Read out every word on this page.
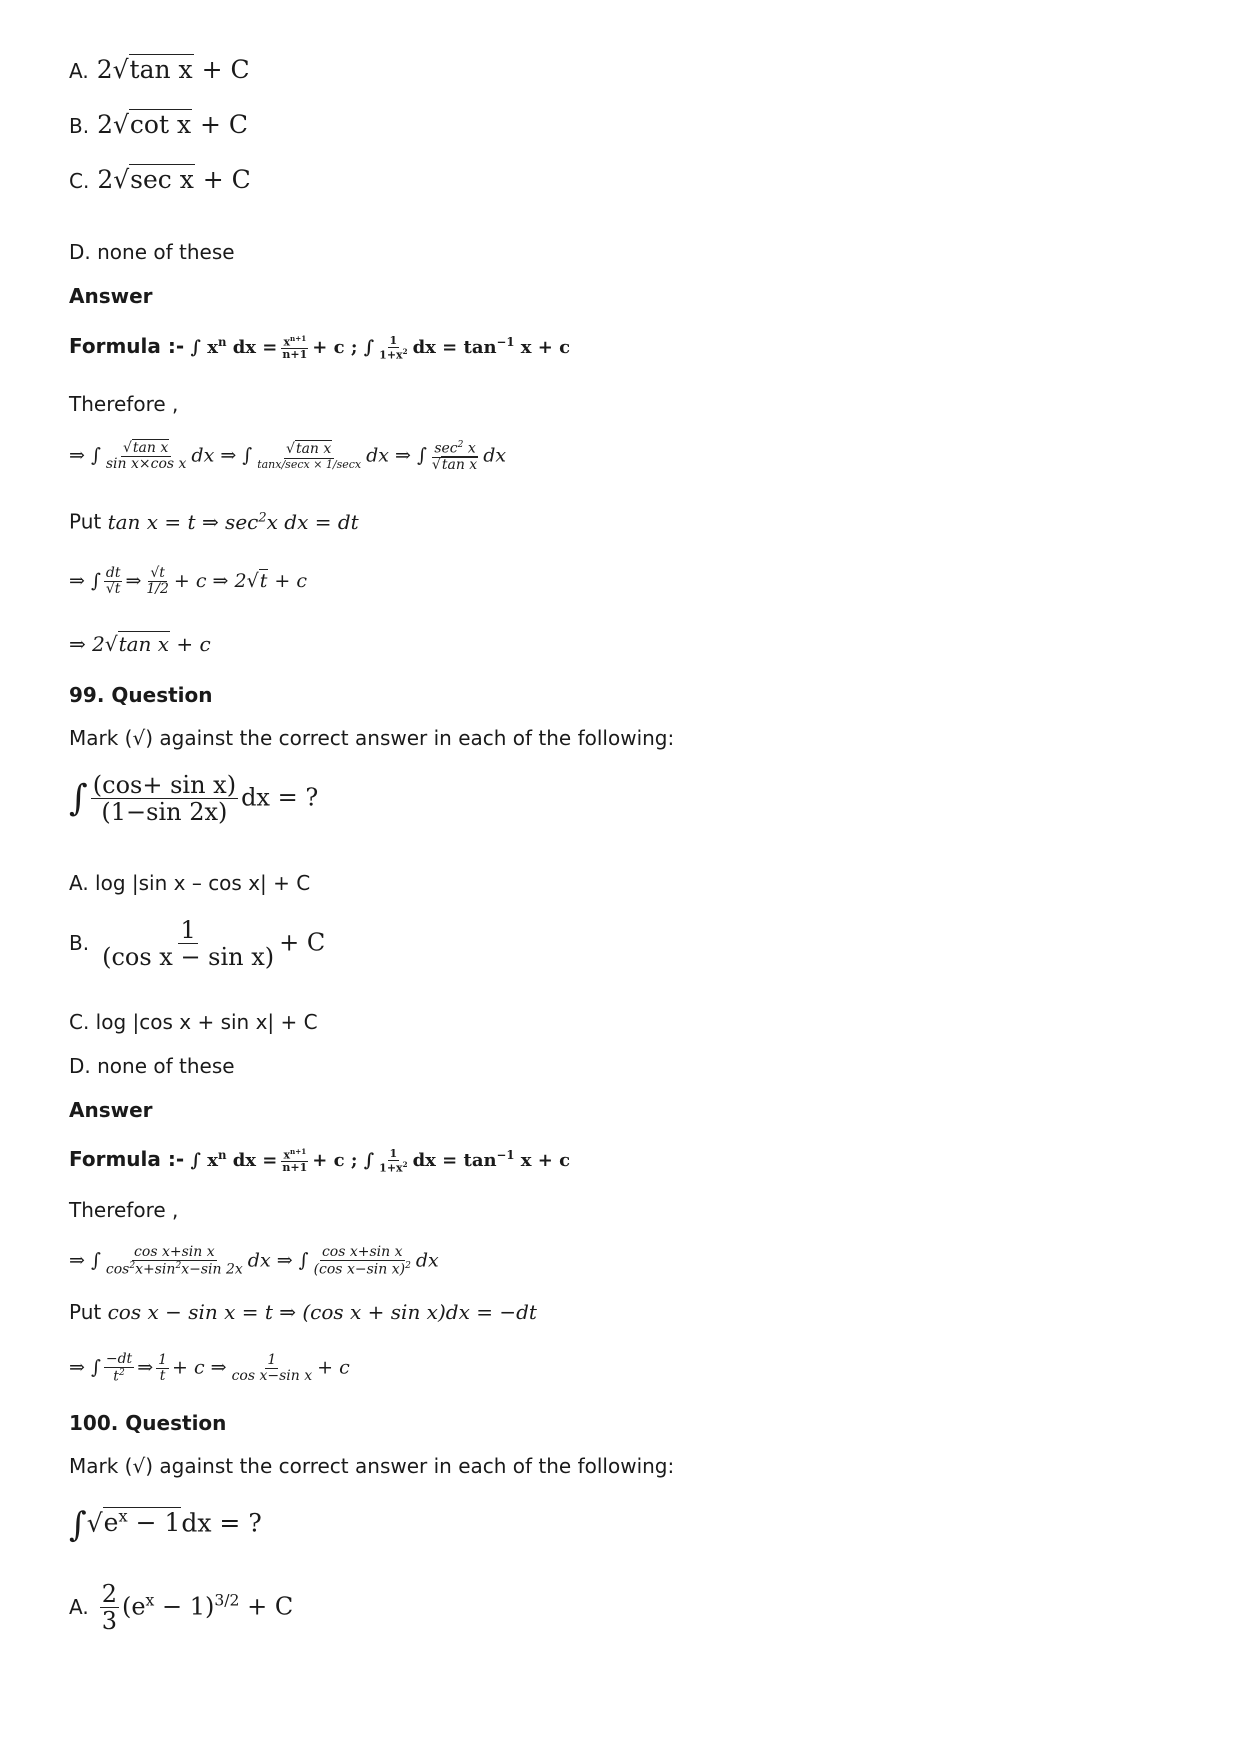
A. 2√tan x + C
B. 2√cot x + C
C. 2√sec x + C
D. none of these
Answer
Formula :- ∫ $x^n$ dx = $\frac{x^{n+1}}{n+1} + c$ ; ∫ $\frac{1}{1+x^2}$ dx = $\tan^{-1} x + c$
Therefore ,
⇒ ∫ $\frac{\text{√tan x}}{\text{sin x×cos x}}$ dx ⇒ ∫ √tan x
tanx/secx × 1/secx dx ⇒ ∫ $\sec^2 x$
√tan x dx
Put tan x = t ⇒ $\sec^2x$ dx = dt
⇒ ∫ $\frac{dt}{√t}$ ⇒ $\frac{√t}{1/2} + c$ ⇒ 2√t + c
⇒ 2√tan x + c
99. Question
Mark (√) against the correct answer in each of the following:
∫ $\frac{\text{(cos+ sin x)}}{(1-\sin 2x)}$ dx = ?
A. log |sin x – cos x| + C
B. $\frac{1}{\text{(cos x − sin x)}} + C$
C. log |cos x + sin x| + C
D. none of these
Answer
Formula :- ∫ $x^n$ dx = $\frac{x^{n+1}}{n+1} + c$ ; ∫ $\frac{1}{1+x^2}$ dx = $\tan^{-1} x + c$
Therefore ,
⇒ ∫ $\frac{\text{cos x+sin x}}{\cos^2x+\sin^2x-\sin 2x}$ dx ⇒ ∫ $\frac{\text{cos x+sin x}}{(\cos x-\sin x)^2}$ dx
Put cos x − sin x = t ⇒ (cos x + sin x)dx = −dt
⇒ ∫ $\frac{-dt}{t^2}$ ⇒ $\frac{1}{t} + c$ ⇒ $\frac{1}{\text{cos x−sin x}} + c$
100. Question
Mark (√) against the correct answer in each of the following:
$\int√e^x - 1dx$ = ?
A. $\frac{2}{3} (e^x - 1)^{3/2} + C$
